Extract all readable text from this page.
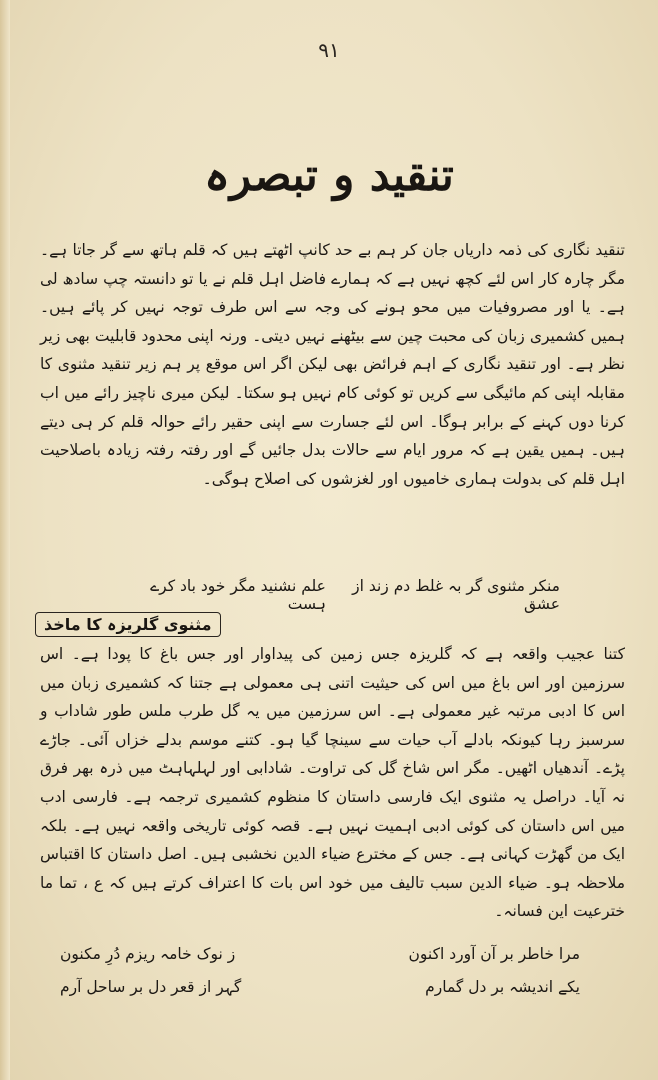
۹۱
تنقید و تبصرہ

تنقید نگاری کی ذمہ داریاں جان کر ہم بے حد کانپ اٹھتے ہیں کہ قلم ہاتھ سے گر جاتا ہے۔ مگر چارہ کار اس لئے کچھ نہیں ہے کہ ہمارے فاضل اہل قلم نے یا تو دانستہ چپ سادھ لی ہے۔ یا اور مصروفیات میں محو ہونے کی وجہ سے اس طرف توجہ نہیں کر پائے ہیں۔ ہمیں کشمیری زبان کی محبت چین سے بیٹھنے نہیں دیتی۔ ورنہ اپنی محدود قابلیت بھی زیر نظر ہے۔ اور تنقید نگاری کے اہم فرائض بھی لیکن اگر اس موقع پر ہم زیر تنقید مثنوی کا مقابلہ اپنی کم مائیگی سے کریں تو کوئی کام نہیں ہو سکتا۔ لیکن میری ناچیز رائے میں اب کرنا دوں کہنے کے برابر ہوگا۔ اس لئے جسارت سے اپنی حقیر رائے حوالہ قلم کر ہی دیتے ہیں۔ ہمیں یقین ہے کہ مرور ایام سے حالات بدل جائیں گے اور رفتہ رفتہ زیادہ باصلاحیت اہل قلم کی بدولت ہماری خامیوں اور لغزشوں کی اصلاح ہوگی۔

منکر مثنوی گر بہ غلط دم زند از عشق
علم نشنید مگر خود باد کرے ہست
مثنوی گلریزہ کا ماخذ

کتنا عجیب واقعہ ہے کہ گلریزہ جس زمین کی پیداوار اور جس باغ کا پودا ہے۔ اس سرزمین اور اس باغ میں اس کی حیثیت اتنی ہی معمولی ہے جتنا کہ کشمیری زبان میں اس کا ادبی مرتبہ غیر معمولی ہے۔ اس سرزمین میں یہ گل طرب ملس طور شاداب و سرسبز رہا کیونکہ بادلے آب حیات سے سینچا گیا ہو۔ کتنے موسم بدلے خزاں آئی۔ جاڑے پڑے۔ آندھیاں اٹھیں۔ مگر اس شاخ گل کی تراوت۔ شادابی اور لہلہاہٹ میں ذرہ بھر فرق نہ آیا۔ دراصل یہ مثنوی ایک فارسی داستان کا منظوم کشمیری ترجمہ ہے۔ فارسی ادب میں اس داستان کی کوئی ادبی اہمیت نہیں ہے۔ قصہ کوئی تاریخی واقعہ نہیں ہے۔ بلکہ ایک من گھڑت کہانی ہے۔ جس کے مخترع ضیاء الدین نخشبی ہیں۔ اصل داستان کا اقتباس ملاحظہ ہو۔ ضیاء الدین سبب تالیف میں خود اس بات کا اعتراف کرتے ہیں کہ ع ، تما ما خترعیت این فسانہ۔

مرا خاطر بر آن آورد اکنون
ز نوک خامہ ریزم دُرِ مکنون
یکے اندیشہ بر دل گمارم
گہر از قعر دل بر ساحل آرم
